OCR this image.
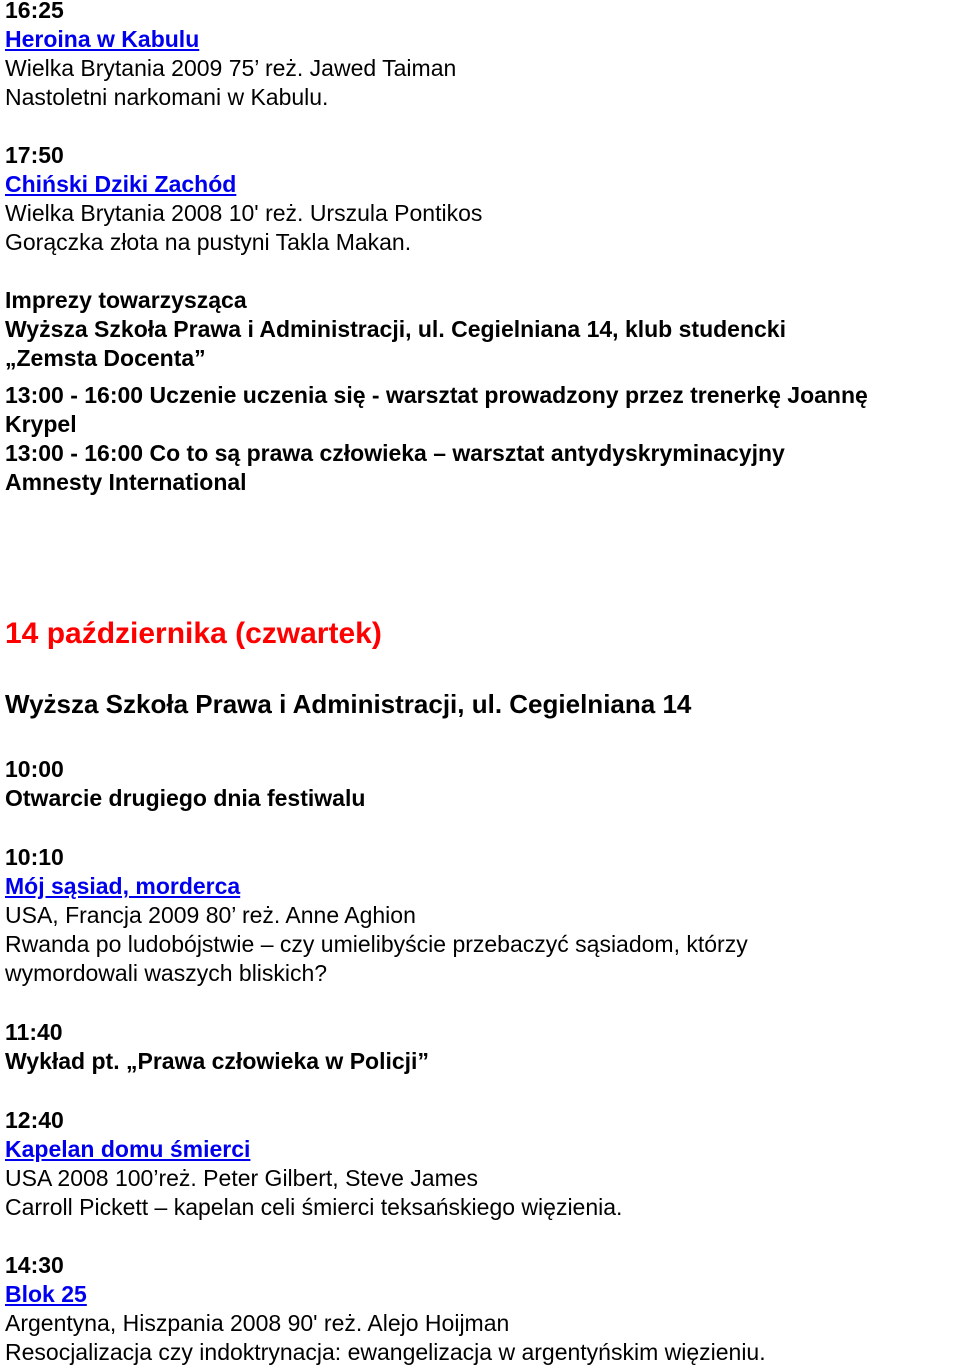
16:25
Heroina w Kabulu
Wielka Brytania 2009 75’ reż. Jawed Taiman
Nastoletni narkomani w Kabulu.
17:50
Chiński Dziki Zachód
Wielka Brytania 2008 10' reż. Urszula Pontikos
Gorączka złota na pustyni Takla Makan.
Imprezy towarzysząca
Wyższa Szkoła Prawa i Administracji, ul. Cegielniana 14, klub studencki
„Zemsta Docenta”
13:00 - 16:00 Uczenie uczenia się - warsztat prowadzony przez trenerkę Joannę
Krypel
13:00 - 16:00 Co to są prawa człowieka – warsztat antydyskryminacyjny
Amnesty International
14 października (czwartek)
Wyższa Szkoła Prawa i Administracji, ul. Cegielniana 14
10:00
Otwarcie drugiego dnia festiwalu
10:10
Mój sąsiad, morderca
USA, Francja 2009 80’ reż. Anne Aghion
Rwanda po ludobójstwie – czy umielibyście przebaczyć sąsiadom, którzy
wymordowali waszych bliskich?
11:40
Wykład pt. „Prawa człowieka w Policji”
12:40
Kapelan domu śmierci
USA 2008 100’reż. Peter Gilbert, Steve James
Carroll Pickett – kapelan celi śmierci teksańskiego więzienia.
14:30
Blok 25
Argentyna, Hiszpania 2008 90' reż. Alejo Hoijman
Resocjalizacja czy indoktrynacja: ewangelizacja w argentyńskim więzieniu.
